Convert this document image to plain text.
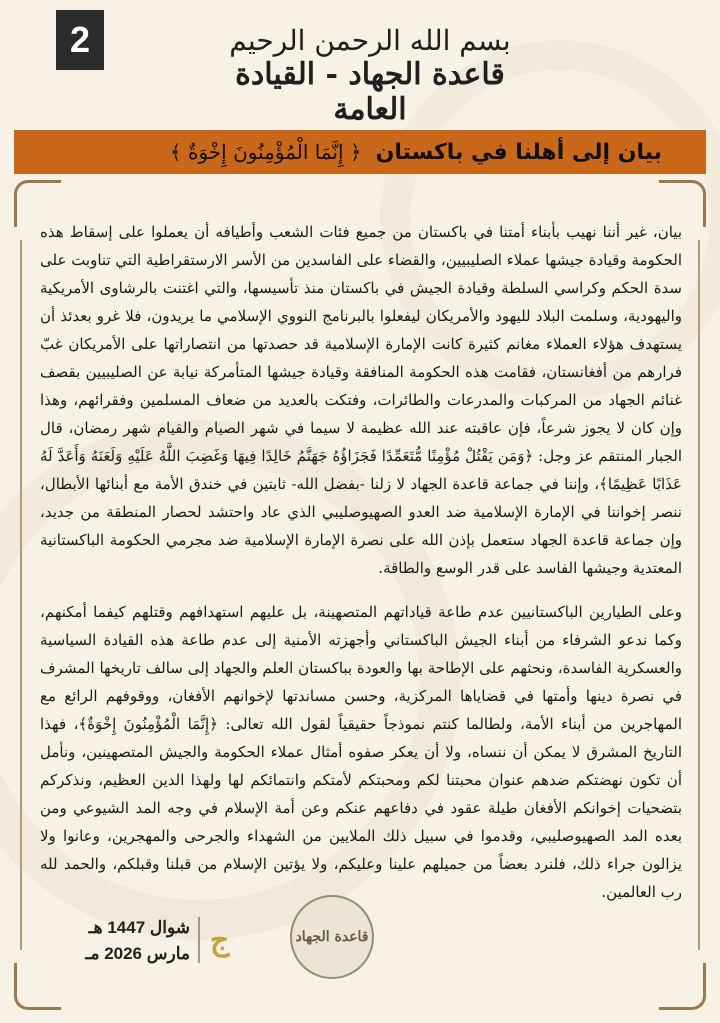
2	بسم الله الرحمن الرحيم
قاعدة الجهاد - القيادة العامة
بيان إلى أهلنا في باكستان
﴿ إِنَّمَا الْمُؤْمِنُونَ إِخْوَةٌ ﴾

بيان، غير أننا نهيب بأبناء أمتنا في باكستان من جميع فئات الشعب وأطيافه أن يعملوا على إسقاط هذه الحكومة وقيادة جيشها عملاء الصليبيين، والقضاء على الفاسدين من الأسر الارستقراطية التي تناوبت على سدة الحكم وكراسي السلطة وقيادة الجيش في باكستان منذ تأسيسها، والتي اغتنت بالرشاوى الأمريكية واليهودية، وسلمت البلاد لليهود والأمريكان ليفعلوا بالبرنامج النووي الإسلامي ما يريدون، فلا غرو بعدئذ أن يستهدف هؤلاء العملاء مغانم كثيرة كانت الإمارة الإسلامية قد حصدتها من انتصاراتها على الأمريكان غبّ فرارهم من أفغانستان، فقامت هذه الحكومة المنافقة وقيادة جيشها المتأمركة نيابة عن الصليبيين بقصف غنائم الجهاد من المركبات والمدرعات والطائرات، وفتكت بالعديد من ضعاف المسلمين وفقرائهم، وهذا وإن كان لا يجوز شرعاً، فإن عاقبته عند الله عظيمة لا سيما في شهر الصيام والقيام شهر رمضان، قال الجبار المنتقم عز وجل: ﴿وَمَن يَقْتُلْ مُؤْمِنًا مُّتَعَمِّدًا فَجَزَاؤُهُ جَهَنَّمُ خَالِدًا فِيهَا وَغَضِبَ اللَّهُ عَلَيْهِ وَلَعَنَهُ وَأَعَدَّ لَهُ عَذَابًا عَظِيمًا﴾، وإننا في جماعة قاعدة الجهاد لا زلنا -بفضل الله- ثابتين في خندق الأمة مع أبنائها الأبطال، ننصر إخواننا في الإمارة الإسلامية ضد العدو الصهيوصليبي الذي عاد واحتشد لحصار المنطقة من جديد، وإن جماعة قاعدة الجهاد ستعمل بإذن الله على نصرة الإمارة الإسلامية ضد مجرمي الحكومة الباكستانية المعتدية وجيشها الفاسد على قدر الوسع والطاقة.

وعلى الطيارين الباكستانيين عدم طاعة قياداتهم المتصهينة، بل عليهم استهدافهم وقتلهم كيفما أمكنهم، وكما ندعو الشرفاء من أبناء الجيش الباكستاني وأجهزته الأمنية إلى عدم طاعة هذه القيادة السياسية والعسكرية الفاسدة، ونحثهم على الإطاحة بها والعودة بباكستان العلم والجهاد إلى سالف تاريخها المشرف في نصرة دينها وأمتها في قضاياها المركزية، وحسن مساندتها لإخوانهم الأفغان، ووقوفهم الرائع مع المهاجرين من أبناء الأمة، ولطالما كنتم نموذجاً حقيقياً لقول الله تعالى: ﴿إِنَّمَا الْمُؤْمِنُونَ إِخْوَةٌ﴾، فهذا التاريخ المشرق لا يمكن أن ننساه، ولا أن يعكر صفوه أمثال عملاء الحكومة والجيش المتصهينين، ونأمل أن تكون نهضتكم ضدهم عنوان محبتنا لكم ومحبتكم لأمتكم وانتمائكم لها ولهذا الدين العظيم، ونذكركم بتضحيات إخوانكم الأفغان طيلة عقود في دفاعهم عنكم وعن أمة الإسلام في وجه المد الشيوعي ومن بعده المد الصهيوصليبي، وقدموا في سبيل ذلك الملايين من الشهداء والجرحى والمهجرين، وعانوا ولا يزالون جراء ذلك، فلنرد بعضاً من جميلهم علينا وعليكم، ولا يؤتين الإسلام من قبلنا وقبلكم، والحمد لله رب العالمين.

قاعدة الجهاد
ج
شوال 1447 هـ
مارس 2026 مـ
